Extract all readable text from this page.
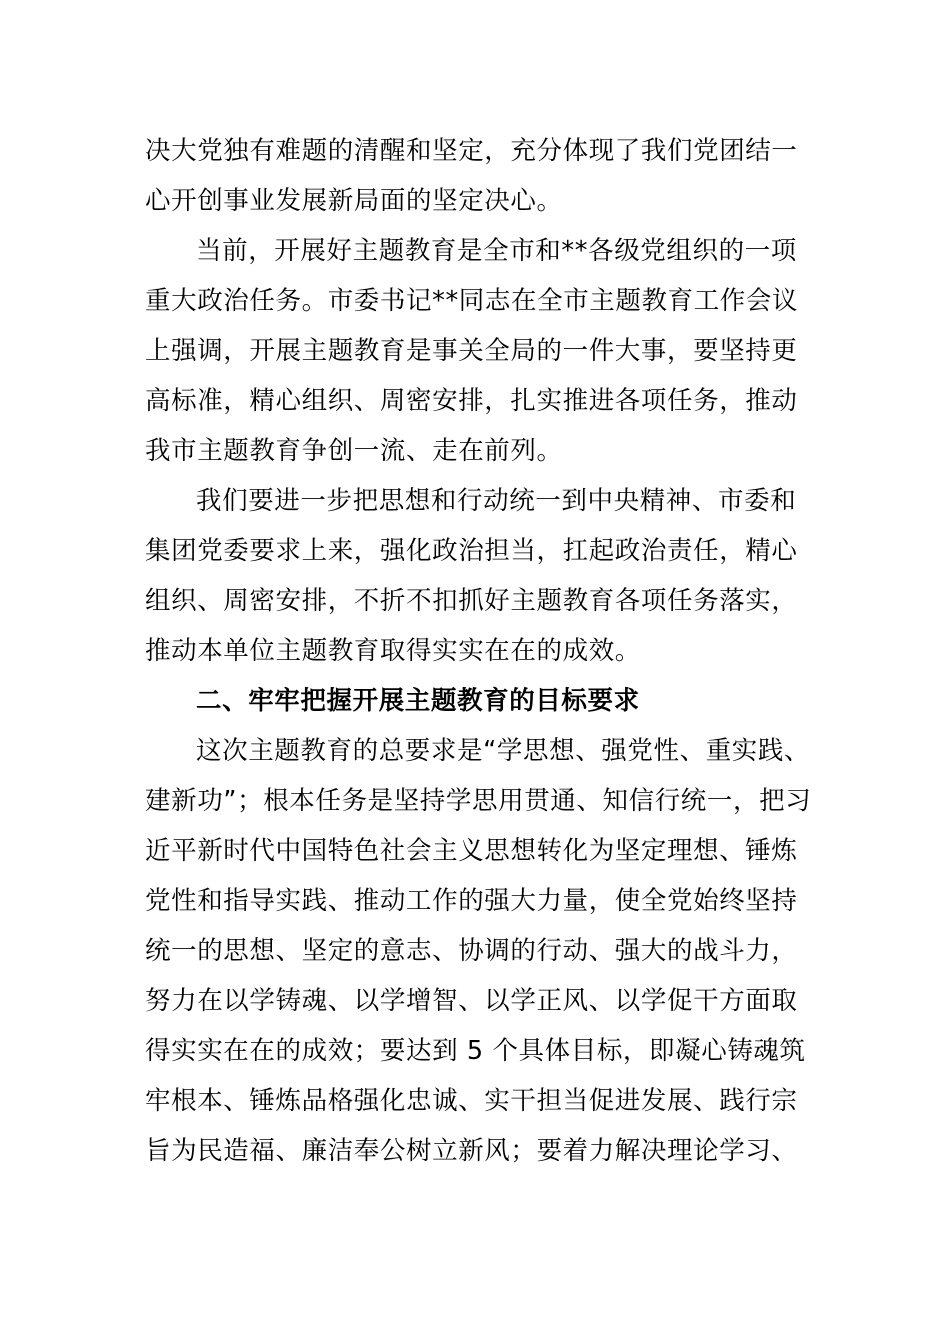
决大党独有难题的清醒和坚定，充分体现了我们党团结一
心开创事业发展新局面的坚定决心。
当前，开展好主题教育是全市和**各级党组织的一项
重大政治任务。市委书记**同志在全市主题教育工作会议
上强调，开展主题教育是事关全局的一件大事，要坚持更
高标准，精心组织、周密安排，扎实推进各项任务，推动
我市主题教育争创一流、走在前列。
我们要进一步把思想和行动统一到中央精神、市委和
集团党委要求上来，强化政治担当，扛起政治责任，精心
组织、周密安排，不折不扣抓好主题教育各项任务落实，
推动本单位主题教育取得实实在在的成效。
二、牢牢把握开展主题教育的目标要求
这次主题教育的总要求是“学思想、强党性、重实践、
建新功”；根本任务是坚持学思用贯通、知信行统一，把习
近平新时代中国特色社会主义思想转化为坚定理想、锤炼
党性和指导实践、推动工作的强大力量，使全党始终坚持
统一的思想、坚定的意志、协调的行动、强大的战斗力，
努力在以学铸魂、以学增智、以学正风、以学促干方面取
得实实在在的成效；要达到 5 个具体目标，即凝心铸魂筑
牢根本、锤炼品格强化忠诚、实干担当促进发展、践行宗
旨为民造福、廉洁奉公树立新风；要着力解决理论学习、
